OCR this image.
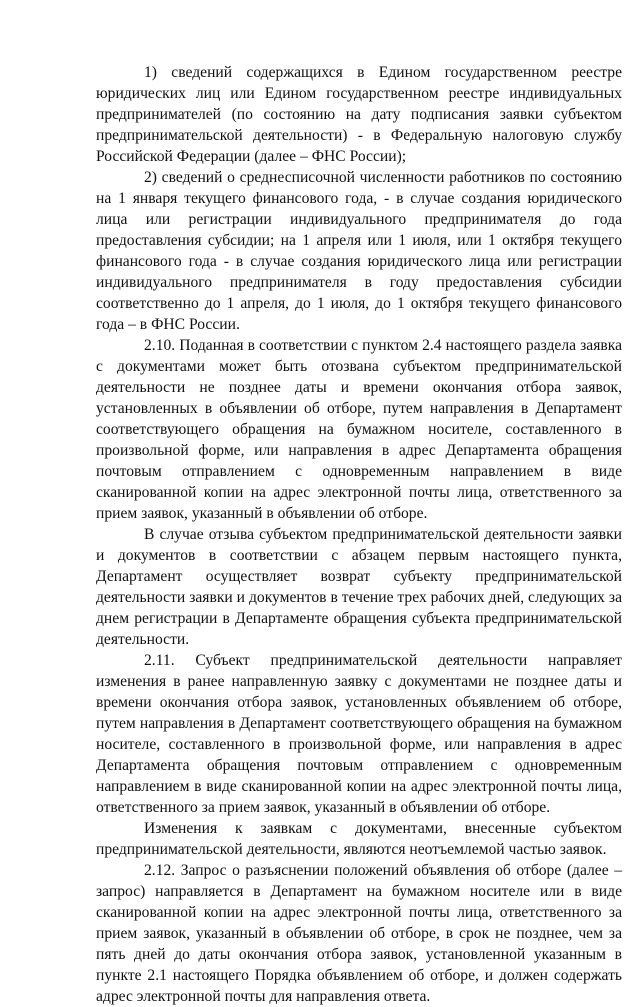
1) сведений содержащихся в Едином государственном реестре юридических лиц или Едином государственном реестре индивидуальных предпринимателей (по состоянию на дату подписания заявки субъектом предпринимательской деятельности) - в Федеральную налоговую службу Российской Федерации (далее – ФНС России);

2) сведений о среднесписочной численности работников по состоянию на 1 января текущего финансового года, - в случае создания юридического лица или регистрации индивидуального предпринимателя до года предоставления субсидии; на 1 апреля или 1 июля, или 1 октября текущего финансового года - в случае создания юридического лица или регистрации индивидуального предпринимателя в году предоставления субсидии соответственно до 1 апреля, до 1 июля, до 1 октября текущего финансового года – в ФНС России.

2.10. Поданная в соответствии с пунктом 2.4 настоящего раздела заявка с документами может быть отозвана субъектом предпринимательской деятельности не позднее даты и времени окончания отбора заявок, установленных в объявлении об отборе, путем направления в Департамент соответствующего обращения на бумажном носителе, составленного в произвольной форме, или направления в адрес Департамента обращения почтовым отправлением с одновременным направлением в виде сканированной копии на адрес электронной почты лица, ответственного за прием заявок, указанный в объявлении об отборе.

В случае отзыва субъектом предпринимательской деятельности заявки и документов в соответствии с абзацем первым настоящего пункта, Департамент осуществляет возврат субъекту предпринимательской деятельности заявки и документов в течение трех рабочих дней, следующих за днем регистрации в Департаменте обращения субъекта предпринимательской деятельности.

2.11. Субъект предпринимательской деятельности направляет изменения в ранее направленную заявку с документами не позднее даты и времени окончания отбора заявок, установленных объявлением об отборе, путем направления в Департамент соответствующего обращения на бумажном носителе, составленного в произвольной форме, или направления в адрес Департамента обращения почтовым отправлением с одновременным направлением в виде сканированной копии на адрес электронной почты лица, ответственного за прием заявок, указанный в объявлении об отборе.

Изменения к заявкам с документами, внесенные субъектом предпринимательской деятельности, являются неотъемлемой частью заявок.

2.12. Запрос о разъяснении положений объявления об отборе (далее – запрос) направляется в Департамент на бумажном носителе или в виде сканированной копии на адрес электронной почты лица, ответственного за прием заявок, указанный в объявлении об отборе, в срок не позднее, чем за пять дней до даты окончания отбора заявок, установленной указанным в пункте 2.1 настоящего Порядка объявлением об отборе, и должен содержать адрес электронной почты для направления ответа.
